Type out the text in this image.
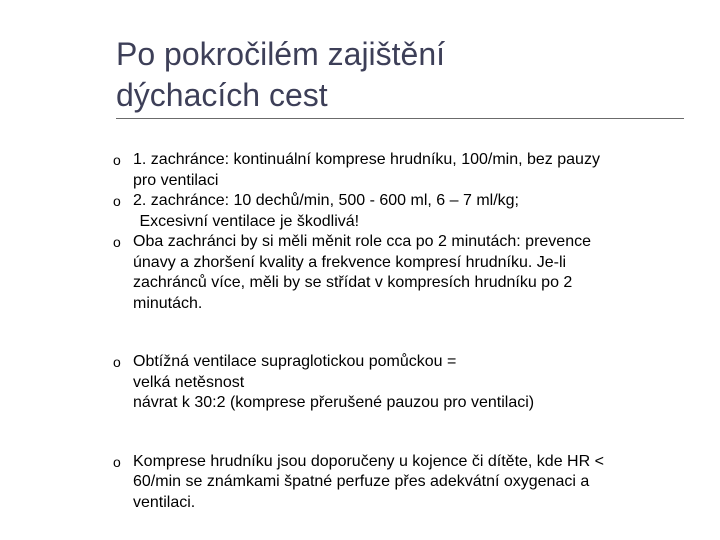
Po pokročilém zajištění
dýchacích cest
o 1. zachránce: kontinuální komprese hrudníku, 100/min, bez pauzy
pro ventilaci
o 2. zachránce: 10 dechů/min, 500 - 600 ml, 6 – 7 ml/kg;
Excesivní ventilace je škodlivá!
o Oba zachránci by si měli měnit role cca po 2 minutách: prevence
únavy a zhoršení kvality a frekvence kompresí hrudníku. Je-li
zachránců více, měli by se střídat v kompresích hrudníku po 2
minutách.
o Obtížná ventilace supraglotickou pomůckou =
velká netěsnost
návrat k 30:2 (komprese přerušené pauzou pro ventilaci)
o Komprese hrudníku jsou doporučeny u kojence či dítěte, kde HR <
60/min se známkami špatné perfuze přes adekvátní oxygenaci a
ventilaci.
